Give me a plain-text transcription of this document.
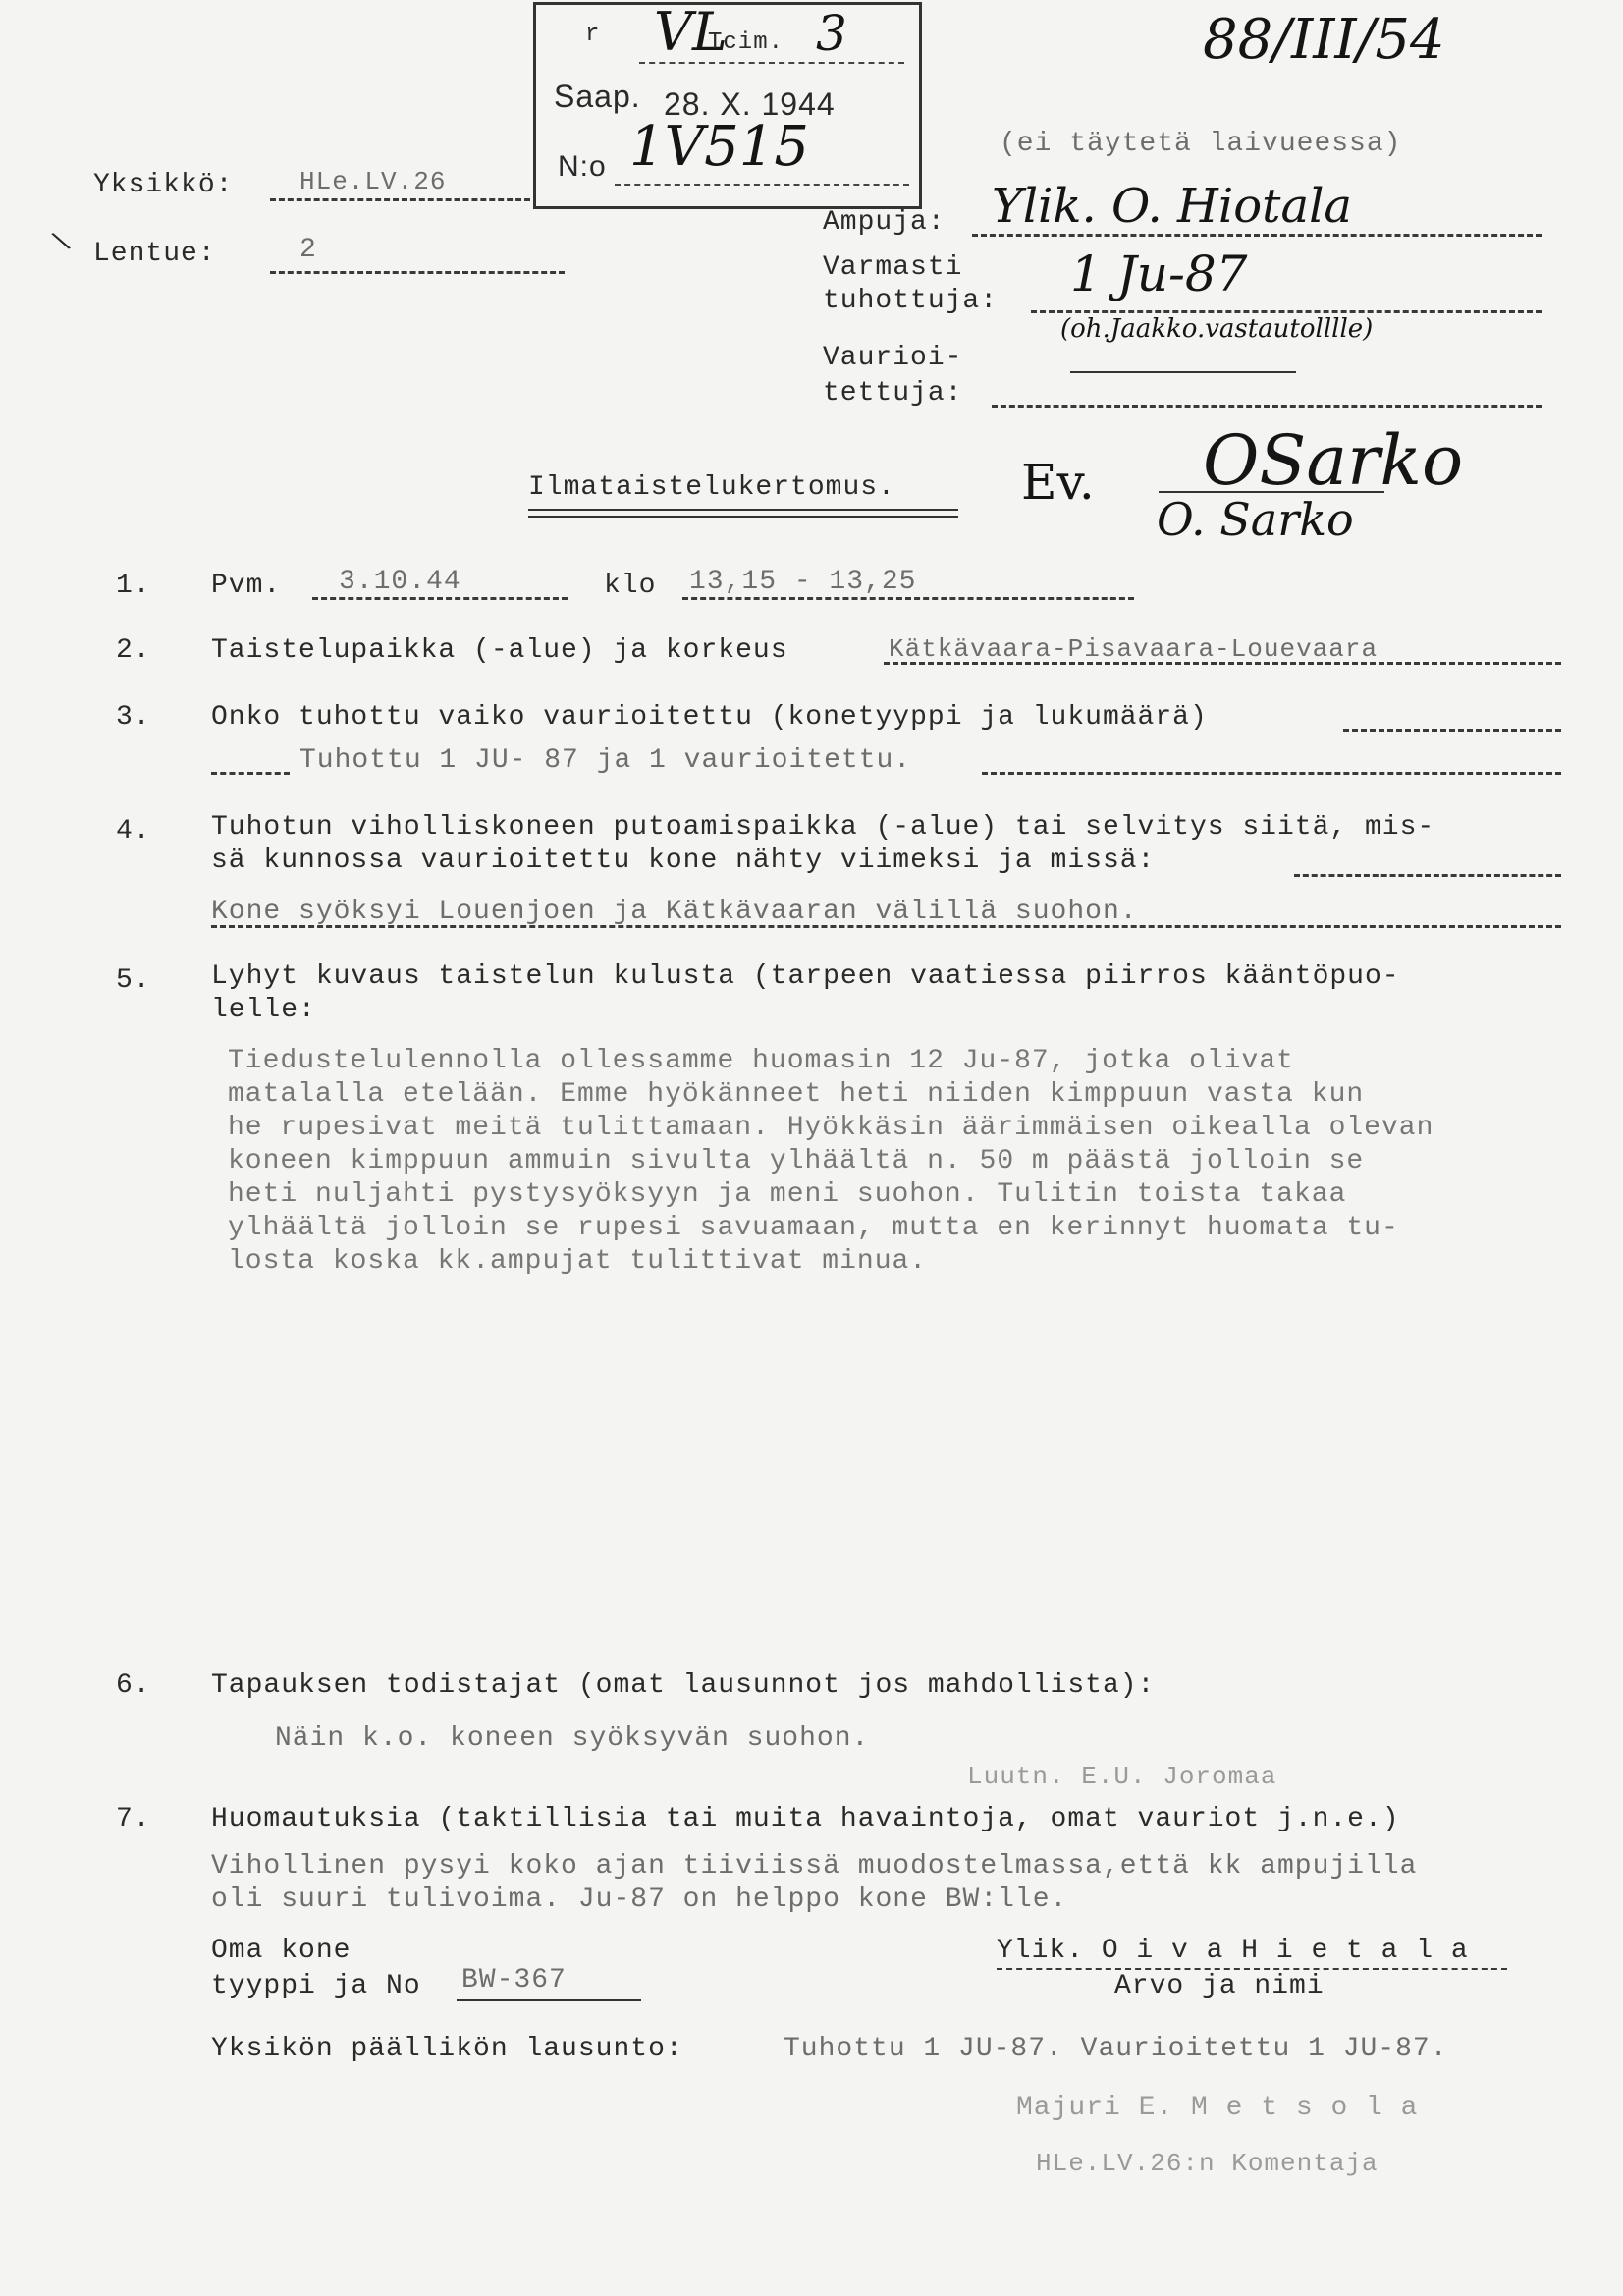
88/III/54
r VL
Tcim. 3
Saap. 28. X. 1944
N:o 1V515	(ei täytetä laivueessa)
Yksikkö:	HLe.LV.26
\ Lentue:	2
Ampuja: Ylik. O. Hiotala
Varmasti
tuhottuja: 1 Ju-87
(oh.Jaakko.vastautolllle)
Vaurioi-
tettuja:
Ilmataistelukertomus.	Ev. OSarko
O. Sarko
1. Pvm. 3.10.44	klo 13,15 - 13,25
2. Taistelupaikka (-alue) ja korkeus	Kätkävaara-Pisavaara-Louevaara
3. Onko tuhottu vaiko vaurioitettu (konetyyppi ja lukumäärä)
Tuhottu 1 JU- 87 ja 1 vaurioitettu.
4. Tuhotun viholliskoneen putoamispaikka (-alue) tai selvitys siitä, mis-
sä kunnossa vaurioitettu kone nähty viimeksi ja missä:
Kone syöksyi Louenjoen ja Kätkävaaran välillä suohon.
5. Lyhyt kuvaus taistelun kulusta (tarpeen vaatiessa piirros kääntöpuo-
lelle:
Tiedustelulennolla ollessamme huomasin 12 Ju-87, jotka olivat
matalalla etelään. Emme hyökänneet heti niiden kimppuun vasta kun
he rupesivat meitä tulittamaan. Hyökkäsin äärimmäisen oikealla olevan
koneen kimppuun ammuin sivulta ylhäältä n. 50 m päästä jolloin se
heti nuljahti pystysyöksyyn ja meni suohon. Tulitin toista takaa
ylhäältä jolloin se rupesi savuamaan, mutta en kerinnyt huomata tu-
losta koska kk.ampujat tulittivat minua.
6. Tapauksen todistajat (omat lausunnot jos mahdollista):
Näin k.o. koneen syöksyvän suohon.
Luutn. E.U. Joromaa
7. Huomautuksia (taktillisia tai muita havaintoja, omat vauriot j.n.e.)
Vihollinen pysyi koko ajan tiiviissä muodostelmassa,että kk ampujilla
oli suuri tulivoima. Ju-87 on helppo kone BW:lle.
Oma kone
tyyppi ja No BW-367
Ylik. O i v a H i e t a l a
Arvo ja nimi
Yksikön päällikön lausunto:	Tuhottu 1 JU-87. Vaurioitettu 1 JU-87.
Majuri E. M e t s o l a
HLe.LV.26:n Komentaja
